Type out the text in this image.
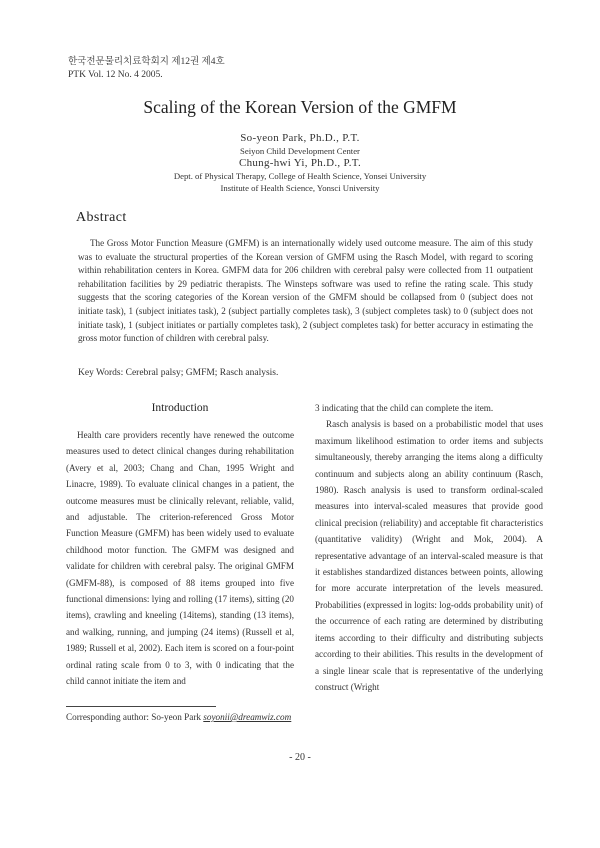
한국전문물리치료학회지 제12권 제4호
PTK Vol. 12 No. 4 2005.
Scaling of the Korean Version of the GMFM
So-yeon Park, Ph.D., P.T.
Seiyon Child Development Center
Chung-hwi Yi, Ph.D., P.T.
Dept. of Physical Therapy, College of Health Science, Yonsei University
Institute of Health Science, Yonsci University
Abstract

The Gross Motor Function Measure (GMFM) is an internationally widely used outcome measure. The aim of this study was to evaluate the structural properties of the Korean version of GMFM using the Rasch Model, with regard to scoring within rehabilitation centers in Korea. GMFM data for 206 children with cerebral palsy were collected from 11 outpatient rehabilitation facilities by 29 pediatric therapists. The Winsteps software was used to refine the rating scale. This study suggests that the scoring categories of the Korean version of the GMFM should be collapsed from 0 (subject does not initiate task), 1 (subject initiates task), 2 (subject partially completes task), 3 (subject completes task) to 0 (subject does not initiate task), 1 (subject initiates or partially completes task), 2 (subject completes task) for better accuracy in estimating the gross motor function of children with cerebral palsy.

Key Words: Cerebral palsy; GMFM; Rasch analysis.
Introduction

Health care providers recently have renewed the outcome measures used to detect clinical changes during rehabilitation (Avery et al, 2003; Chang and Chan, 1995 Wright and Linacre, 1989). To evaluate clinical changes in a patient, the outcome measures must be clinically relevant, reliable, valid, and adjustable. The criterion-referenced Gross Motor Function Measure (GMFM) has been widely used to evaluate childhood motor function. The GMFM was designed and validate for children with cerebral palsy. The original GMFM (GMFM-88), is composed of 88 items grouped into five functional dimensions: lying and rolling (17 items), sitting (20 items), crawling and kneeling (14items), standing (13 items), and walking, running, and jumping (24 items) (Russell et al, 1989; Russell et al, 2002). Each item is scored on a four-point ordinal rating scale from 0 to 3, with 0 indicating that the child cannot initiate the item and

3 indicating that the child can complete the item.

Rasch analysis is based on a probabilistic model that uses maximum likelihood estimation to order items and subjects simultaneously, thereby arranging the items along a difficulty continuum and subjects along an ability continuum (Rasch, 1980). Rasch analysis is used to transform ordinal-scaled measures into interval-scaled measures that provide good clinical precision (reliability) and acceptable fit characteristics (quantitative validity) (Wright and Mok, 2004). A representative advantage of an interval-scaled measure is that it establishes standardized distances between points, allowing for more accurate interpretation of the levels measured. Probabilities (expressed in logits: log-odds probability unit) of the occurrence of each rating are determined by distributing items according to their difficulty and distributing subjects according to their abilities. This results in the development of a single linear scale that is representative of the underlying construct (Wright

Corresponding author: So-yeon Park soyonii@dreamwiz.com
- 20 -
